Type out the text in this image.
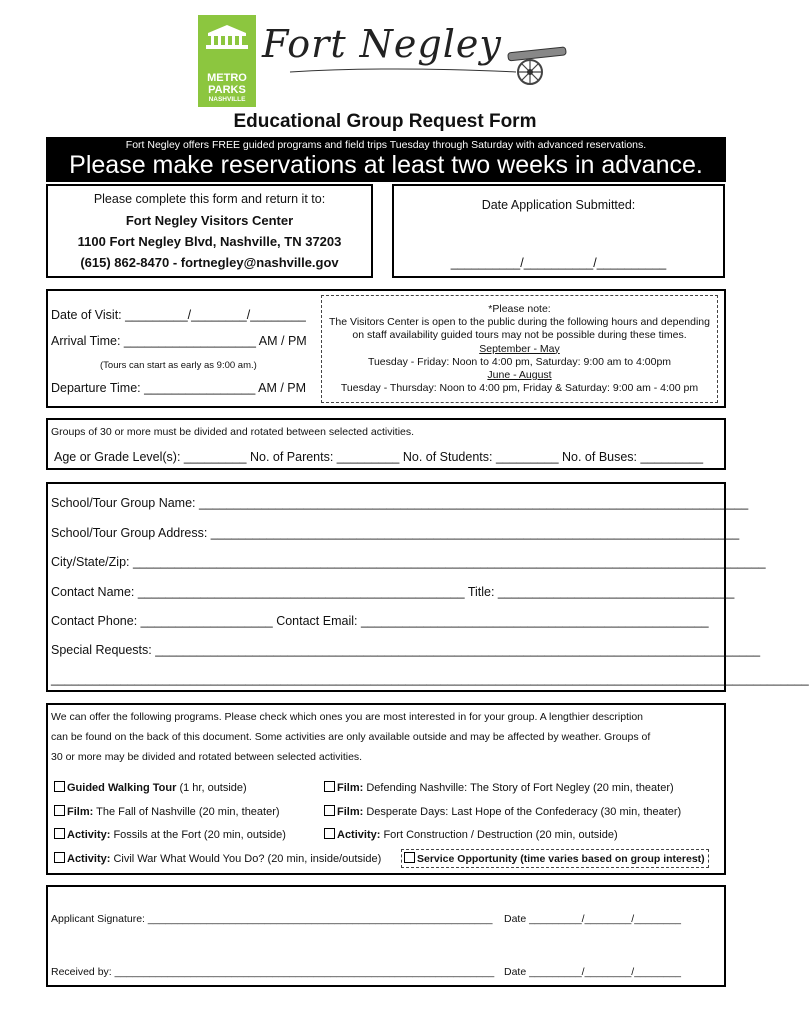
METRO
PARKS
NASHVILLE
Fort Negley
Educational Group Request Form
Fort Negley offers FREE guided programs and field trips Tuesday through Saturday with advanced reservations.
Please make reservations at least two weeks in advance.
Please complete this form and return it to:
Fort Negley Visitors Center
1100 Fort Negley Blvd, Nashville, TN 37203
(615) 862-8470 - fortnegley@nashville.gov
Date Application Submitted:
__________/__________/__________
Date of Visit: _________/________/________
Arrival Time: ___________________ AM / PM
(Tours can start as early as 9:00 am.)
Departure Time: ________________ AM / PM
*Please note:
The Visitors Center is open to the public during the following hours and depending
on staff availability guided tours may not be possible during these times.
September - May
Tuesday - Friday: Noon to 4:00 pm, Saturday: 9:00 am to 4:00pm
June - August
Tuesday - Thursday: Noon to 4:00 pm, Friday & Saturday: 9:00 am - 4:00 pm
Groups of 30 or more must be divided and rotated between selected activities.
Age or Grade Level(s): _________ No. of Parents: _________ No. of Students: _________ No. of Buses: _________
School/Tour Group Name: _______________________________________________________________________________
School/Tour Group Address: ____________________________________________________________________________
City/State/Zip: ___________________________________________________________________________________________
Contact Name: _______________________________________________ Title: __________________________________
Contact Phone: ___________________ Contact Email: __________________________________________________
Special Requests: _______________________________________________________________________________________
_____________________________________________________________________________________________________________
We can offer the following programs. Please check which ones you are most interested in for your group. A lengthier description
can be found on the back of this document. Some activities are only available outside and may be affected by weather. Groups of
30 or more may be divided and rotated between selected activities.
Guided Walking Tour (1 hr, outside)	Film: Defending Nashville: The Story of Fort Negley (20 min, theater)
Film: The Fall of Nashville (20 min, theater)	Film: Desperate Days: Last Hope of the Confederacy (30 min, theater)
Activity: Fossils at the Fort (20 min, outside)	Activity: Fort Construction / Destruction (20 min, outside)
Activity: Civil War What Would You Do? (20 min, inside/outside)	Service Opportunity (time varies based on group interest)
Applicant Signature: ___________________________________________________________ Date _________/________/________
Received by: _________________________________________________________________ Date _________/________/________
